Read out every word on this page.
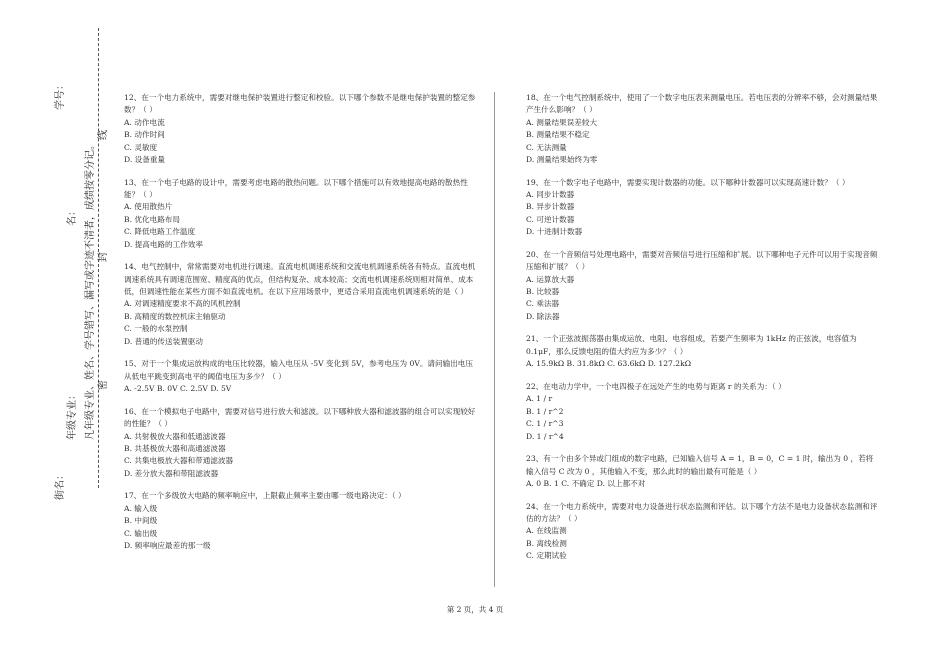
街名：
年级专业：
名： 凡年级专业、姓名、学号错写、漏写或字迹不清者，成绩按零分记。
学号：
密
封
线
12、在一个电力系统中，需要对继电保护装置进行整定和校验。以下哪个参数不是继电保护装置的整定参数？（ ）
A. 动作电流
B. 动作时间
C. 灵敏度
D. 设备重量
13、在一个电子电路的设计中，需要考虑电路的散热问题。以下哪个措施可以有效地提高电路的散热性能？（ ）
A. 使用散热片
B. 优化电路布局
C. 降低电路工作温度
D. 提高电路的工作效率
14、电气控制中，常常需要对电机进行调速。直流电机调速系统和交流电机调速系统各有特点。直流电机调速系统具有调速范围宽、精度高的优点，但结构复杂、成本较高；交流电机调速系统则相对简单、成本低，但调速性能在某些方面不如直流电机。在以下应用场景中，更适合采用直流电机调速系统的是（ ）
A. 对调速精度要求不高的风机控制
B. 高精度的数控机床主轴驱动
C. 一般的水泵控制
D. 普通的传送装置驱动
15、对于一个集成运放构成的电压比较器，输入电压从 -5V 变化到 5V，参考电压为 0V。请问输出电压从低电平跳变到高电平的阈值电压为多少？（ ）
A. -2.5V B. 0V C. 2.5V D. 5V
16、在一个模拟电子电路中，需要对信号进行放大和滤波。以下哪种放大器和滤波器的组合可以实现较好的性能？（ ）
A. 共射极放大器和低通滤波器
B. 共基极放大器和高通滤波器
C. 共集电极放大器和带通滤波器
D. 差分放大器和带阻滤波器
17、在一个多级放大电路的频率响应中，上限截止频率主要由哪一级电路决定：（ ）
A. 输入级
B. 中间级
C. 输出级
D. 频率响应最差的那一级
18、在一个电气控制系统中，使用了一个数字电压表来测量电压。若电压表的分辨率不够，会对测量结果产生什么影响？（ ）
A. 测量结果误差较大
B. 测量结果不稳定
C. 无法测量
D. 测量结果始终为零
19、在一个数字电子电路中，需要实现计数器的功能。以下哪种计数器可以实现高速计数？（ ）
A. 同步计数器
B. 异步计数器
C. 可逆计数器
D. 十进制计数器
20、在一个音频信号处理电路中，需要对音频信号进行压缩和扩展。以下哪种电子元件可以用于实现音频压缩和扩展？（ ）
A. 运算放大器
B. 比较器
C. 乘法器
D. 除法器
21、一个正弦波振荡器由集成运放、电阻、电容组成，若要产生频率为 1kHz 的正弦波，电容值为 0.1μF，那么反馈电阻的值大约应为多少？（ ）
A. 15.9kΩ B. 31.8kΩ C. 63.6kΩ D. 127.2kΩ
22、在电动力学中，一个电四极子在远处产生的电势与距离 r 的关系为：（ ）
A. 1 / r
B. 1 / r^2
C. 1 / r^3
D. 1 / r^4
23、有一个由多个异或门组成的数字电路，已知输入信号 A = 1，B = 0，C = 1 时，输出为 0 ，若将输入信号 C 改为 0 ，其他输入不变，那么此时的输出最有可能是（ ）
A. 0 B. 1 C. 不确定 D. 以上都不对
24、在一个电力系统中，需要对电力设备进行状态监测和评估。以下哪个方法不是电力设备状态监测和评估的方法？（ ）
A. 在线监测
B. 离线检测
C. 定期试验
第 2 页，共 4 页
